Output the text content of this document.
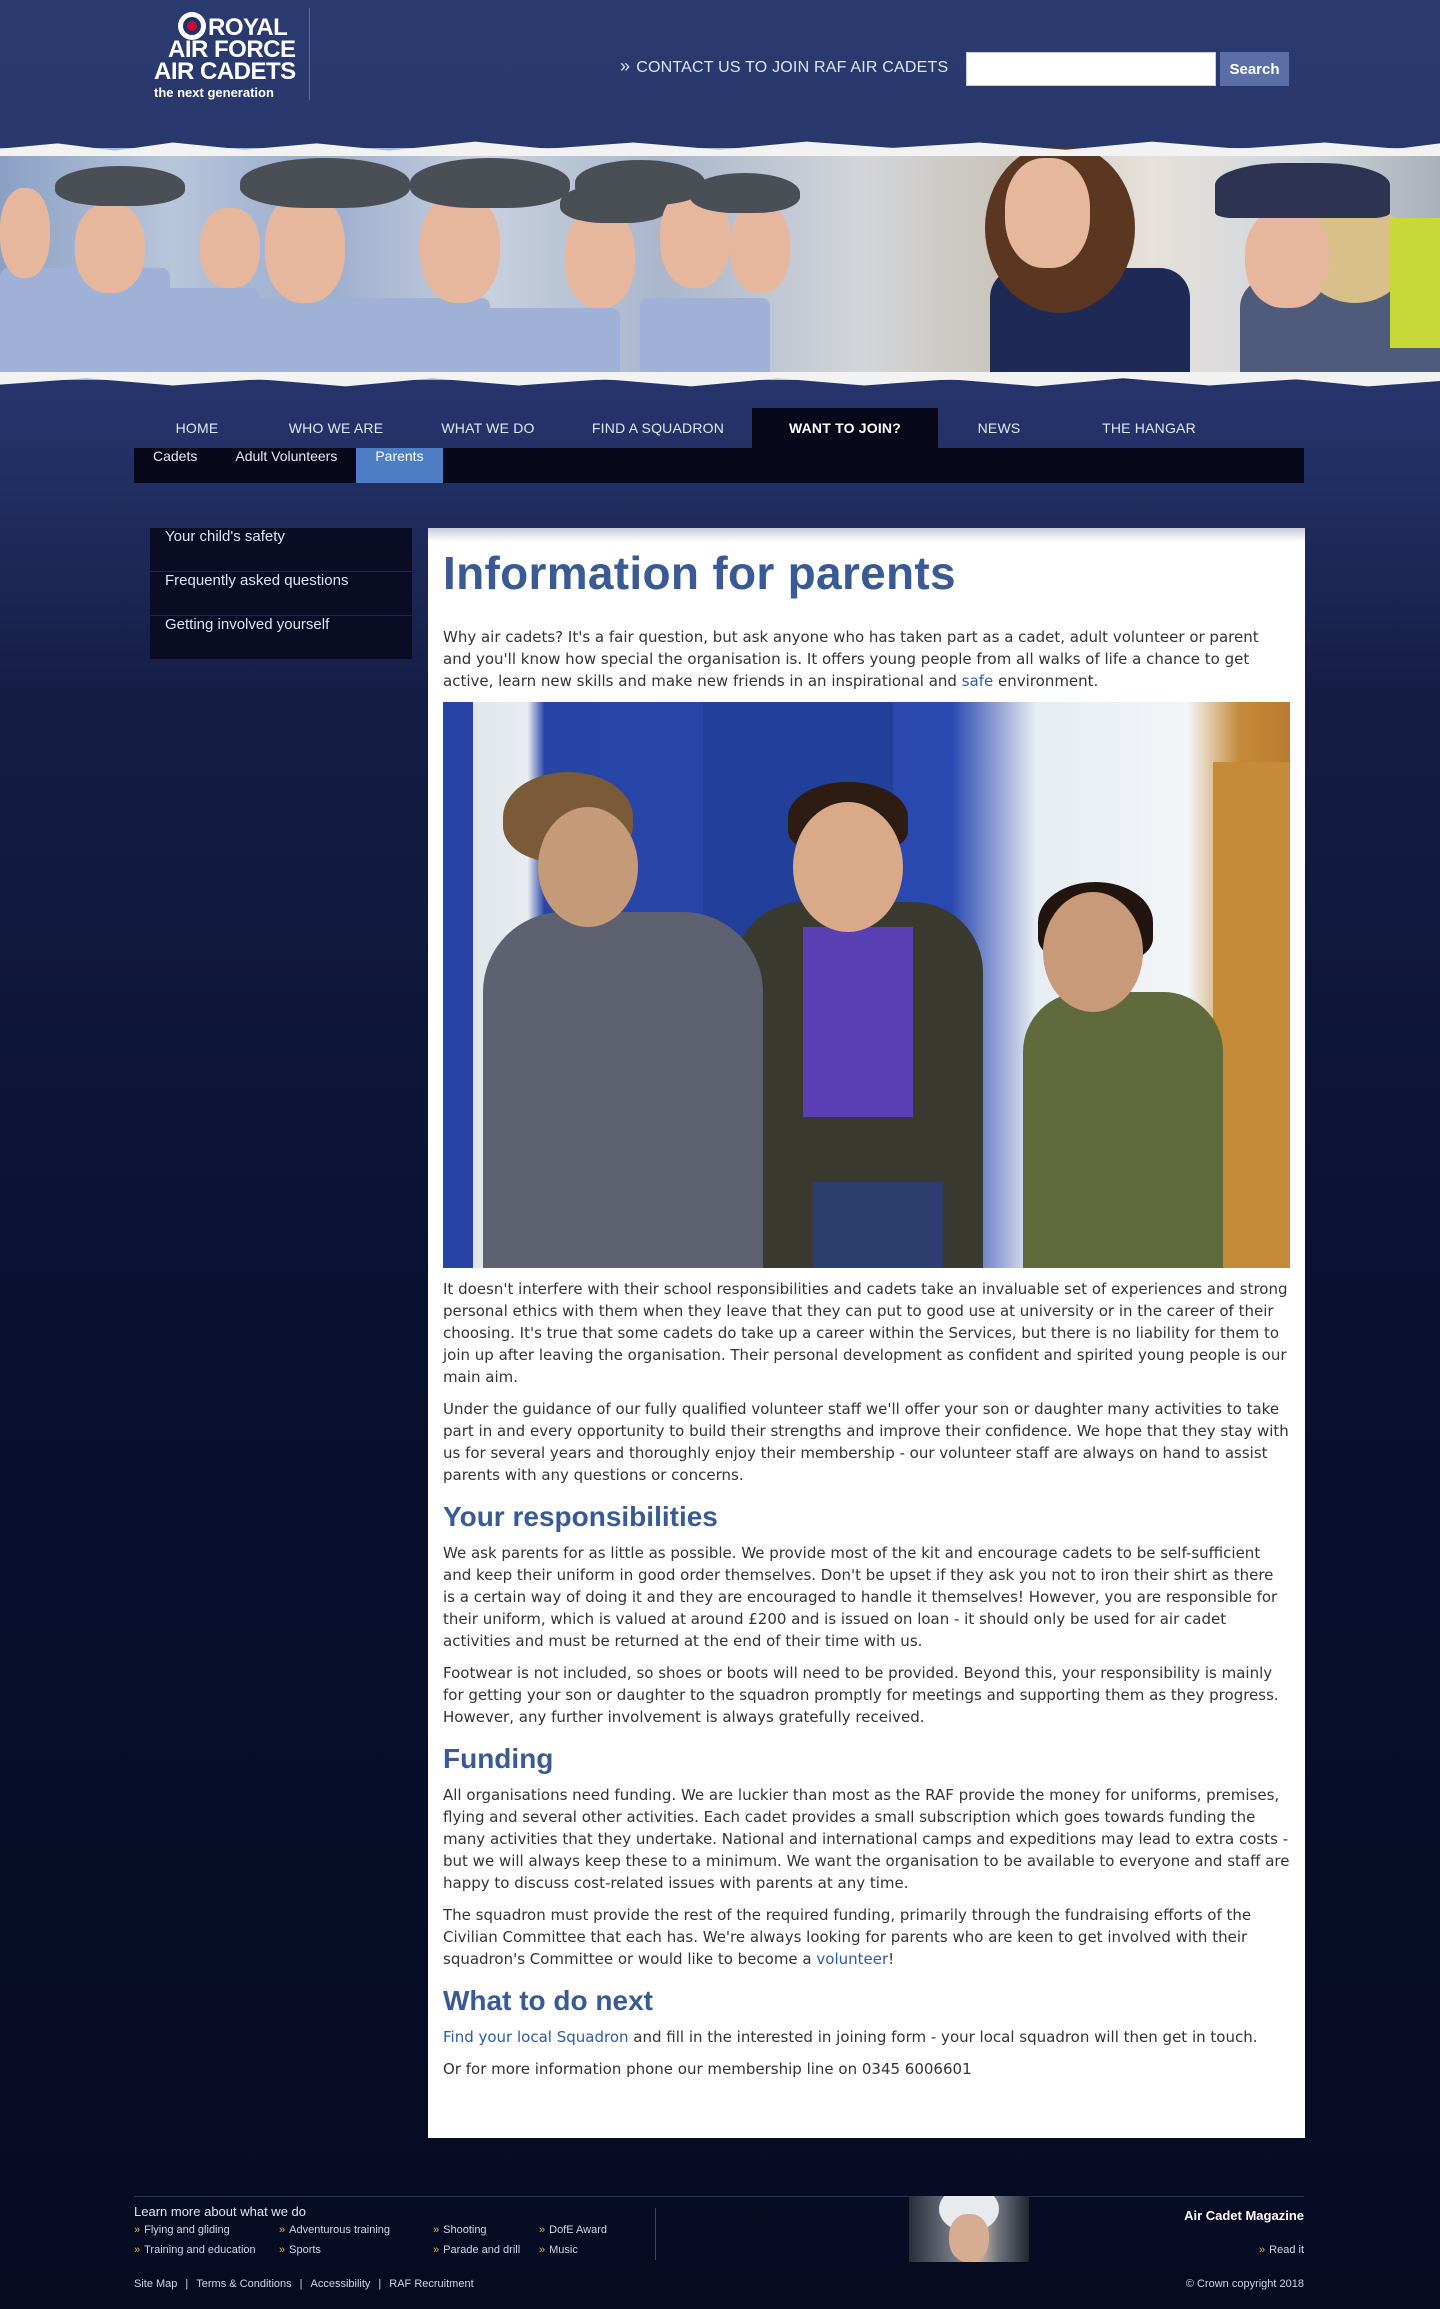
ROYAL
AIR FORCE
AIR CADETS
the next generation
» CONTACT US TO JOIN RAF AIR CADETS	Search
HOME	WHO WE ARE	WHAT WE DO	FIND A SQUADRON	WANT TO JOIN?	NEWS	THE HANGAR
Cadets	Adult Volunteers	Parents
Your child's safety
Frequently asked questions
Getting involved yourself
Information for parents

Why air cadets? It's a fair question, but ask anyone who has taken part as a cadet, adult volunteer or parent and you'll know how special the organisation is. It offers young people from all walks of life a chance to get active, learn new skills and make new friends in an inspirational and safe environment.

It doesn't interfere with their school responsibilities and cadets take an invaluable set of experiences and strong personal ethics with them when they leave that they can put to good use at university or in the career of their choosing. It's true that some cadets do take up a career within the Services, but there is no liability for them to join up after leaving the organisation. Their personal development as confident and spirited young people is our main aim.

Under the guidance of our fully qualified volunteer staff we'll offer your son or daughter many activities to take part in and every opportunity to build their strengths and improve their confidence. We hope that they stay with us for several years and thoroughly enjoy their membership - our volunteer staff are always on hand to assist parents with any questions or concerns.

Your responsibilities

We ask parents for as little as possible. We provide most of the kit and encourage cadets to be self-sufficient and keep their uniform in good order themselves. Don't be upset if they ask you not to iron their shirt as there is a certain way of doing it and they are encouraged to handle it themselves! However, you are responsible for their uniform, which is valued at around £200 and is issued on loan - it should only be used for air cadet activities and must be returned at the end of their time with us.

Footwear is not included, so shoes or boots will need to be provided. Beyond this, your responsibility is mainly for getting your son or daughter to the squadron promptly for meetings and supporting them as they progress. However, any further involvement is always gratefully received.

Funding

All organisations need funding. We are luckier than most as the RAF provide the money for uniforms, premises, flying and several other activities. Each cadet provides a small subscription which goes towards funding the many activities that they undertake. National and international camps and expeditions may lead to extra costs - but we will always keep these to a minimum. We want the organisation to be available to everyone and staff are happy to discuss cost-related issues with parents at any time.

The squadron must provide the rest of the required funding, primarily through the fundraising efforts of the Civilian Committee that each has. We're always looking for parents who are keen to get involved with their squadron's Committee or would like to become a volunteer!

What to do next

Find your local Squadron and fill in the interested in joining form - your local squadron will then get in touch.

Or for more information phone our membership line on 0345 6006601

Learn more about what we do
» Flying and gliding	» Adventurous training	» Shooting	» DofE Award
» Training and education » Sports	» Parade and drill » Music
Air Cadet Magazine
» Read it
Site Map | Terms & Conditions | Accessibility | RAF Recruitment	© Crown copyright 2018
